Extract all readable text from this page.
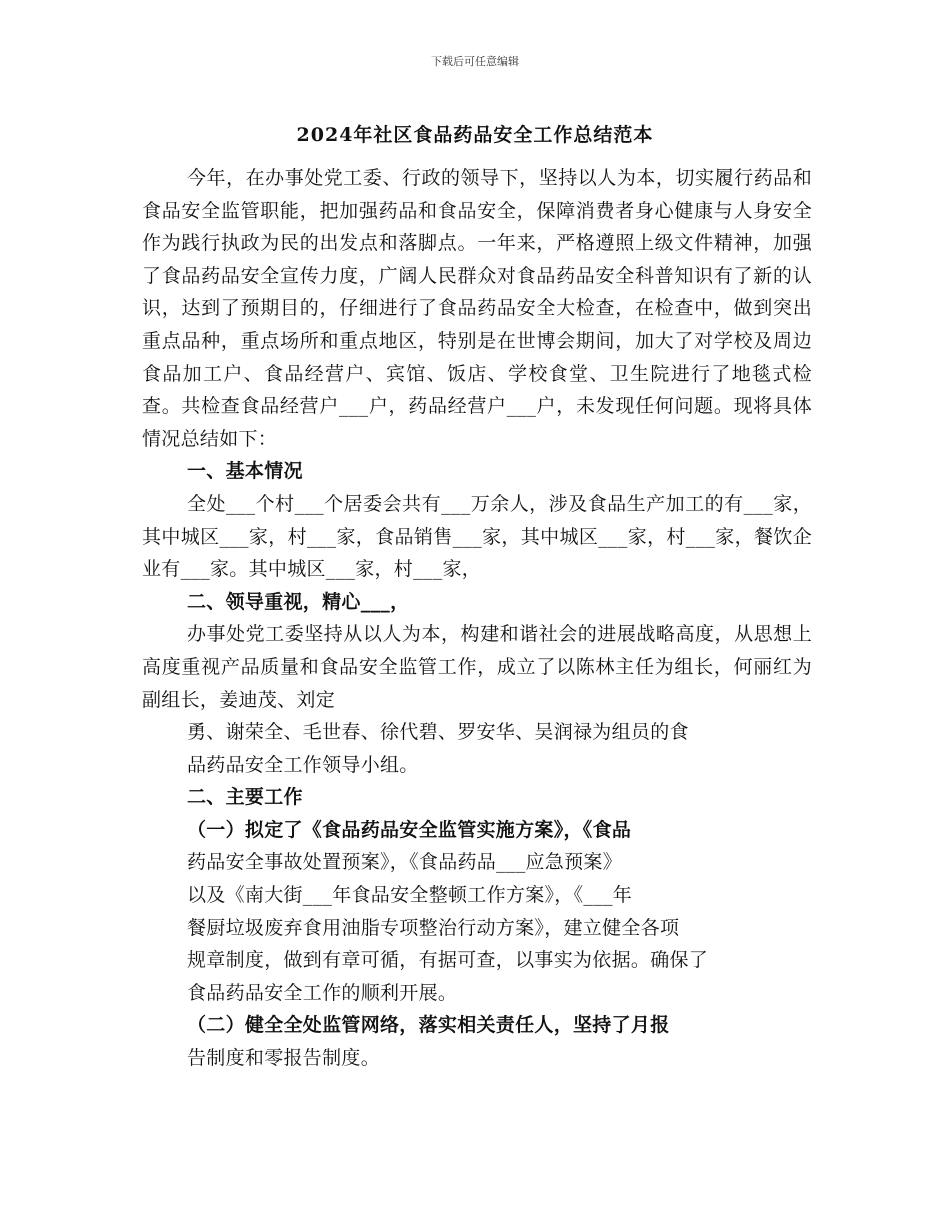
下载后可任意编辑
2024年社区食品药品安全工作总结范本

今年，在办事处党工委、行政的领导下，坚持以人为本，切实履行药品和食品安全监管职能，把加强药品和食品安全，保障消费者身心健康与人身安全作为践行执政为民的出发点和落脚点。一年来，严格遵照上级文件精神，加强了食品药品安全宣传力度，广阔人民群众对食品药品安全科普知识有了新的认识，达到了预期目的，仔细进行了食品药品安全大检查，在检查中，做到突出重点品种，重点场所和重点地区，特别是在世博会期间，加大了对学校及周边食品加工户、食品经营户、宾馆、饭店、学校食堂、卫生院进行了地毯式检查。共检查食品经营户___户，药品经营户___户，未发现任何问题。现将具体情况总结如下：

一、基本情况

全处___个村___个居委会共有___万余人，涉及食品生产加工的有___家，其中城区___家，村___家，食品销售___家，其中城区___家，村___家，餐饮企业有___家。其中城区___家，村___家，

二、领导重视，精心___，

办事处党工委坚持从以人为本，构建和谐社会的进展战略高度，从思想上高度重视产品质量和食品安全监管工作，成立了以陈林主任为组长，何丽红为副组长，姜迪茂、刘定

勇、谢荣全、毛世春、徐代碧、罗安华、吴润禄为组员的食

品药品安全工作领导小组。

二、主要工作

（一）拟定了《食品药品安全监管实施方案》，《食品

药品安全事故处置预案》，《食品药品___应急预案》

以及《南大街___年食品安全整顿工作方案》，《___年

餐厨垃圾废弃食用油脂专项整治行动方案》，建立健全各项

规章制度，做到有章可循，有据可查，以事实为依据。确保了

食品药品安全工作的顺利开展。

（二）健全全处监管网络，落实相关责任人，坚持了月报

告制度和零报告制度。
